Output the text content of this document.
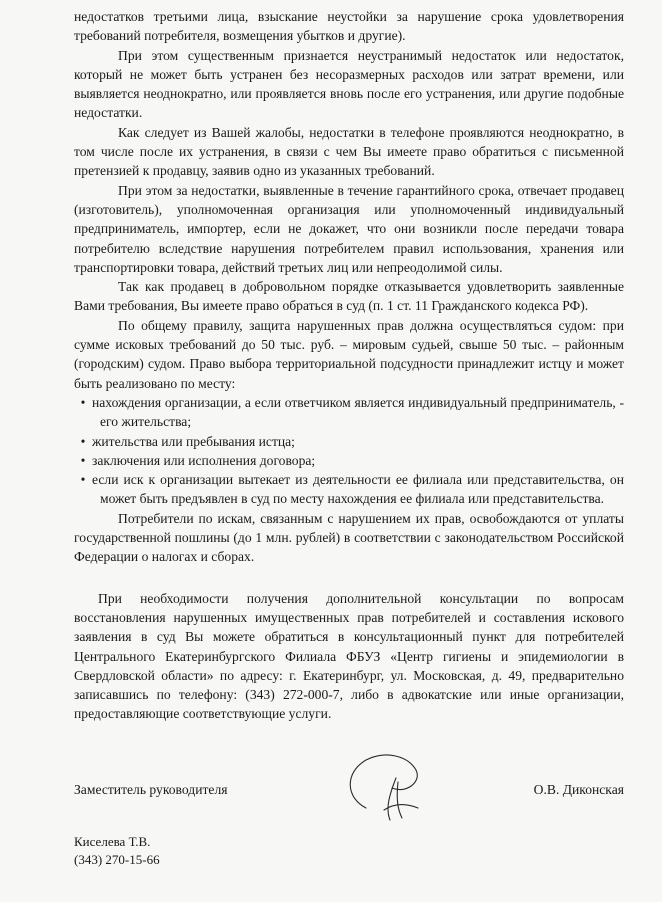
недостатков третьими лица, взыскание неустойки за нарушение срока удовлетворения требований потребителя, возмещения убытков и другие).

При этом существенным признается неустранимый недостаток или недостаток, который не может быть устранен без несоразмерных расходов или затрат времени, или выявляется неоднократно, или проявляется вновь после его устранения, или другие подобные недостатки.

Как следует из Вашей жалобы, недостатки в телефоне проявляются неоднократно, в том числе после их устранения, в связи с чем Вы имеете право обратиться с письменной претензией к продавцу, заявив одно из указанных требований.

При этом за недостатки, выявленные в течение гарантийного срока, отвечает продавец (изготовитель), уполномоченная организация или уполномоченный индивидуальный предприниматель, импортер, если не докажет, что они возникли после передачи товара потребителю вследствие нарушения потребителем правил использования, хранения или транспортировки товара, действий третьих лиц или непреодолимой силы.

Так как продавец в добровольном порядке отказывается удовлетворить заявленные Вами требования, Вы имеете право обраться в суд (п. 1 ст. 11 Гражданского кодекса РФ).

По общему правилу, защита нарушенных прав должна осуществляться судом: при сумме исковых требований до 50 тыс. руб. – мировым судьей, свыше 50 тыс. – районным (городским) судом. Право выбора территориальной подсудности принадлежит истцу и может быть реализовано по месту:

• нахождения организации, а если ответчиком является индивидуальный предприниматель, - его жительства;

• жительства или пребывания истца;

• заключения или исполнения договора;

• если иск к организации вытекает из деятельности ее филиала или представительства, он может быть предъявлен в суд по месту нахождения ее филиала или представительства.

Потребители по искам, связанным с нарушением их прав, освобождаются от уплаты государственной пошлины (до 1 млн. рублей) в соответствии с законодательством Российской Федерации о налогах и сборах.

При необходимости получения дополнительной консультации по вопросам восстановления нарушенных имущественных прав потребителей и составления искового заявления в суд Вы можете обратиться в консультационный пункт для потребителей Центрального Екатеринбургского Филиала ФБУЗ «Центр гигиены и эпидемиологии в Свердловской области» по адресу: г. Екатеринбург, ул. Московская, д. 49, предварительно записавшись по телефону: (343) 272-000-7, либо в адвокатские или иные организации, предоставляющие соответствующие услуги.

Заместитель руководителя	О.В. Диконская
Киселева Т.В.
(343) 270-15-66
